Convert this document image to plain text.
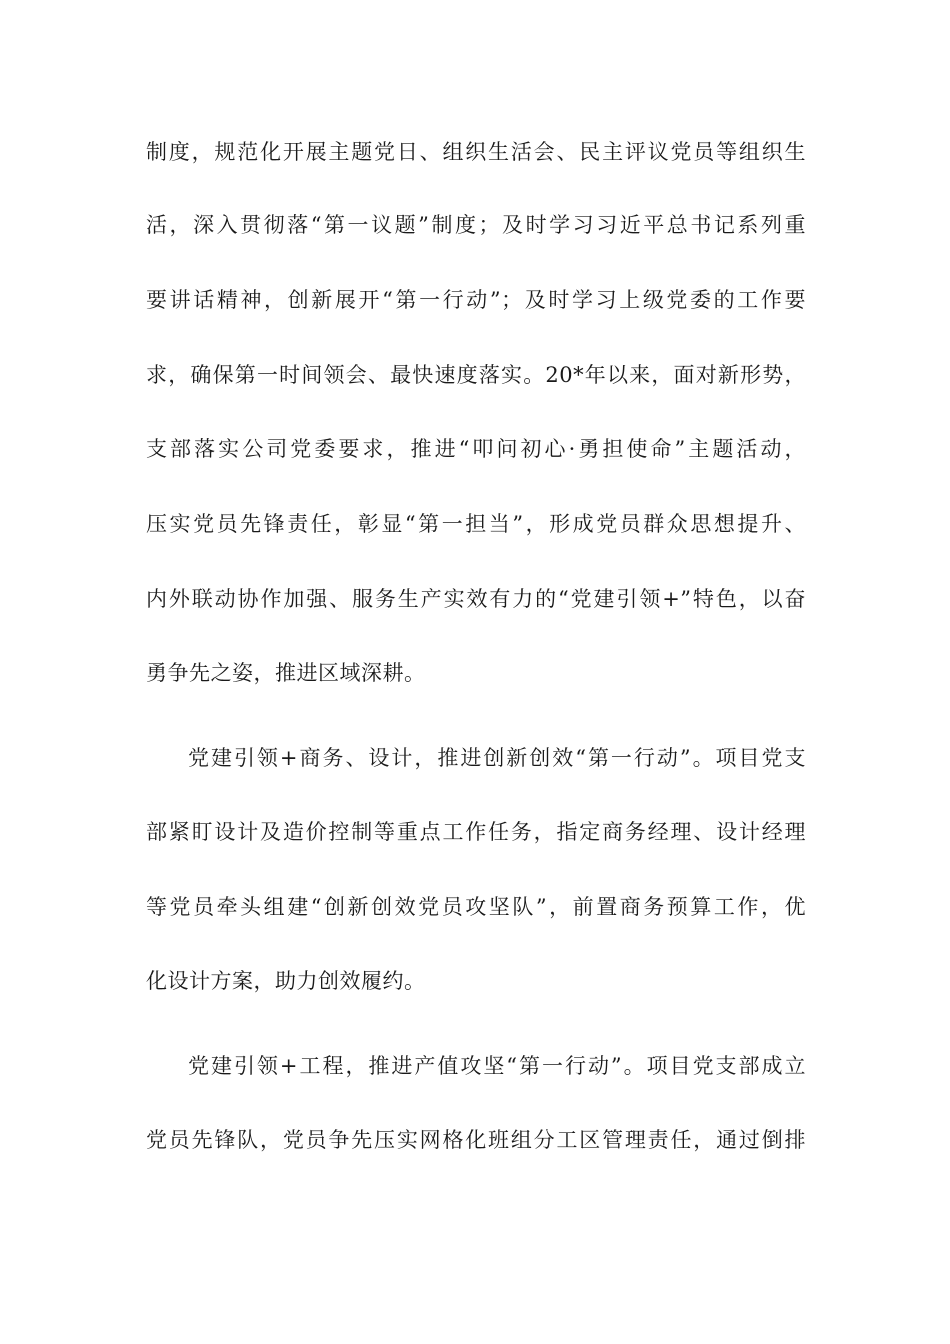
制度，规范化开展主题党日、组织生活会、民主评议党员等组织生

活，深入贯彻落“第一议题”制度；及时学习习近平总书记系列重

要讲话精神，创新展开“第一行动”；及时学习上级党委的工作要

求，确保第一时间领会、最快速度落实。20*年以来，面对新形势，

支部落实公司党委要求，推进“叩问初心·勇担使命”主题活动，

压实党员先锋责任，彰显“第一担当”，形成党员群众思想提升、

内外联动协作加强、服务生产实效有力的“党建引领+”特色，以奋

勇争先之姿，推进区域深耕。

党建引领+商务、设计，推进创新创效“第一行动”。项目党支

部紧盯设计及造价控制等重点工作任务，指定商务经理、设计经理

等党员牵头组建“创新创效党员攻坚队”，前置商务预算工作，优

化设计方案，助力创效履约。

党建引领+工程，推进产值攻坚“第一行动”。项目党支部成立

党员先锋队，党员争先压实网格化班组分工区管理责任，通过倒排
